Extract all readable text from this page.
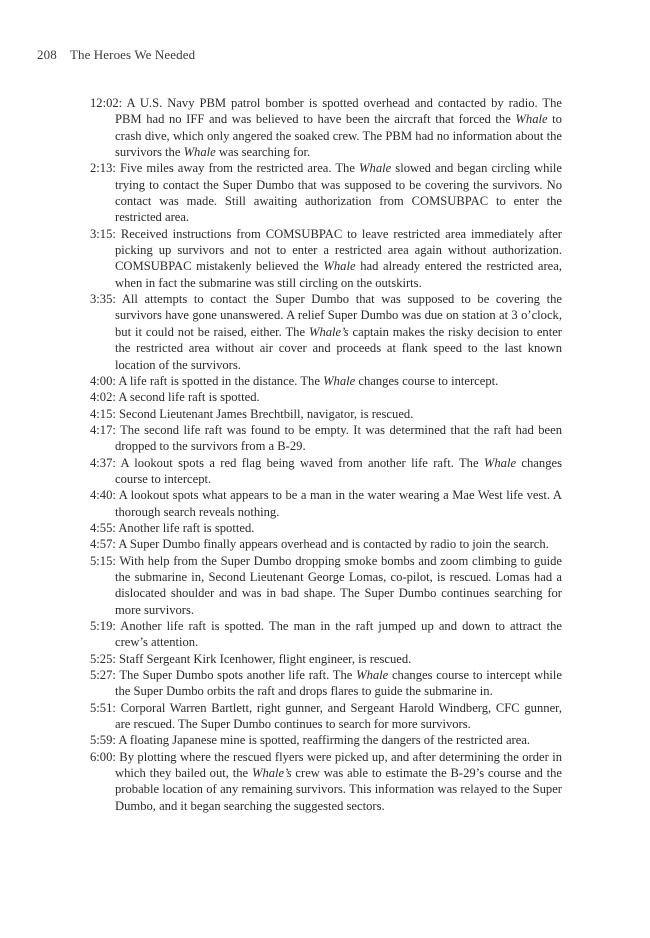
208 The Heroes We Needed
12:02: A U.S. Navy PBM patrol bomber is spotted overhead and contacted by radio. The PBM had no IFF and was believed to have been the aircraft that forced the Whale to crash dive, which only angered the soaked crew. The PBM had no information about the survivors the Whale was searching for.
2:13: Five miles away from the restricted area. The Whale slowed and began circling while trying to contact the Super Dumbo that was supposed to be covering the survivors. No contact was made. Still awaiting authorization from COMSUBPAC to enter the restricted area.
3:15: Received instructions from COMSUBPAC to leave restricted area immediately after picking up survivors and not to enter a restricted area again without authorization. COMSUBPAC mistakenly believed the Whale had already entered the restricted area, when in fact the submarine was still circling on the outskirts.
3:35: All attempts to contact the Super Dumbo that was supposed to be covering the survivors have gone unanswered. A relief Super Dumbo was due on station at 3 o’clock, but it could not be raised, either. The Whale’s captain makes the risky decision to enter the restricted area without air cover and proceeds at flank speed to the last known location of the survivors.
4:00: A life raft is spotted in the distance. The Whale changes course to intercept.
4:02: A second life raft is spotted.
4:15: Second Lieutenant James Brechtbill, navigator, is rescued.
4:17: The second life raft was found to be empty. It was determined that the raft had been dropped to the survivors from a B-29.
4:37: A lookout spots a red flag being waved from another life raft. The Whale changes course to intercept.
4:40: A lookout spots what appears to be a man in the water wearing a Mae West life vest. A thorough search reveals nothing.
4:55: Another life raft is spotted.
4:57: A Super Dumbo finally appears overhead and is contacted by radio to join the search.
5:15: With help from the Super Dumbo dropping smoke bombs and zoom climbing to guide the submarine in, Second Lieutenant George Lomas, co-pilot, is rescued. Lomas had a dislocated shoulder and was in bad shape. The Super Dumbo continues searching for more survivors.
5:19: Another life raft is spotted. The man in the raft jumped up and down to attract the crew’s attention.
5:25: Staff Sergeant Kirk Icenhower, flight engineer, is rescued.
5:27: The Super Dumbo spots another life raft. The Whale changes course to intercept while the Super Dumbo orbits the raft and drops flares to guide the submarine in.
5:51: Corporal Warren Bartlett, right gunner, and Sergeant Harold Windberg, CFC gunner, are rescued. The Super Dumbo continues to search for more survivors.
5:59: A floating Japanese mine is spotted, reaffirming the dangers of the restricted area.
6:00: By plotting where the rescued flyers were picked up, and after determining the order in which they bailed out, the Whale’s crew was able to estimate the B-29’s course and the probable location of any remaining survivors. This information was relayed to the Super Dumbo, and it began searching the suggested sectors.
